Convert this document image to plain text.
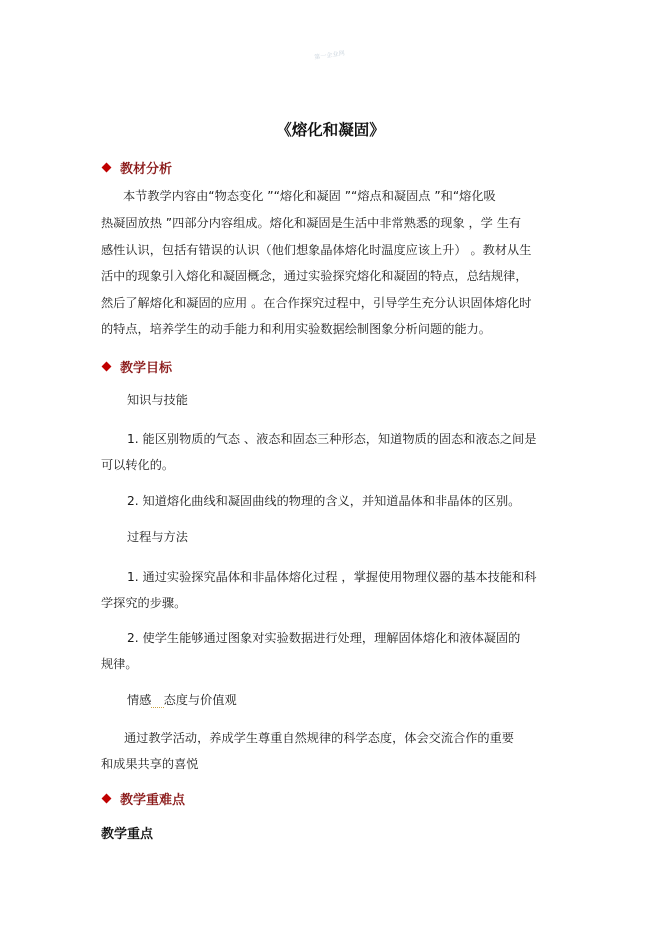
第一企业网
《熔化和凝固》
教材分析
本节教学内容由“物态变化 ”“熔化和凝固 ”“熔点和凝固点 ”和“熔化吸
热凝固放热 ”四部分内容组成。熔化和凝固是生活中非常熟悉的现象 ，学 生有
感性认识，包括有错误的认识（他们想象晶体熔化时温度应该上升） 。教材从生
活中的现象引入熔化和凝固概念，通过实验探究熔化和凝固的特点，总结规律，
然后了解熔化和凝固的应用 。在合作探究过程中，引导学生充分认识固体熔化时
的特点，培养学生的动手能力和利用实验数据绘制图象分析问题的能力。
教学目标
知识与技能
1. 能区别物质的气态 、液态和固态三种形态，知道物质的固态和液态之间是
可以转化的。
2. 知道熔化曲线和凝固曲线的物理的含义，并知道晶体和非晶体的区别。
过程与方法
1. 通过实验探究晶体和非晶体熔化过程 ，掌握使用物理仪器的基本技能和科
学探究的步骤。
2. 使学生能够通过图象对实验数据进行处理，理解固体熔化和液体凝固的
规律。
情感  态度与价值观
通过教学活动，养成学生尊重自然规律的科学态度，体会交流合作的重要
和成果共享的喜悦
教学重难点
教学重点
